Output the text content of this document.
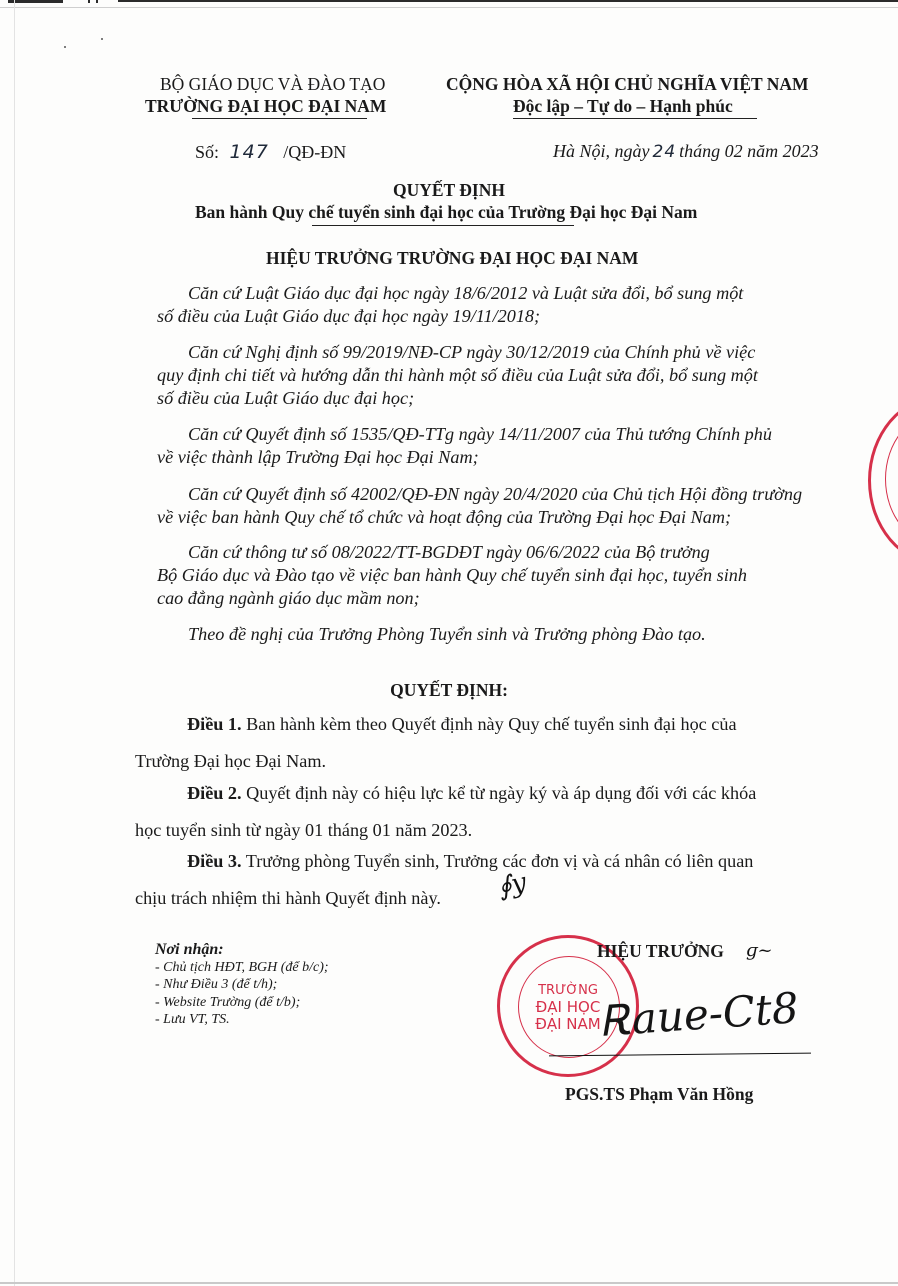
BỘ GIÁO DỤC VÀ ĐÀO TẠO
TRƯỜNG ĐẠI HỌC ĐẠI NAM
CỘNG HÒA XÃ HỘI CHỦ NGHĨA VIỆT NAM
Độc lập – Tự do – Hạnh phúc
Số: 147 /QĐ-ĐN	Hà Nội, ngày 24 tháng 02 năm 2023
QUYẾT ĐỊNH
Ban hành Quy chế tuyển sinh đại học của Trường Đại học Đại Nam
HIỆU TRƯỞNG TRƯỜNG ĐẠI HỌC ĐẠI NAM
Căn cứ Luật Giáo dục đại học ngày 18/6/2012 và Luật sửa đổi, bổ sung một
số điều của Luật Giáo dục đại học ngày 19/11/2018;
Căn cứ Nghị định số 99/2019/NĐ-CP ngày 30/12/2019 của Chính phủ về việc
quy định chi tiết và hướng dẫn thi hành một số điều của Luật sửa đổi, bổ sung một
số điều của Luật Giáo dục đại học;
Căn cứ Quyết định số 1535/QĐ-TTg ngày 14/11/2007 của Thủ tướng Chính phủ
về việc thành lập Trường Đại học Đại Nam;
Căn cứ Quyết định số 42002/QĐ-ĐN ngày 20/4/2020 của Chủ tịch Hội đồng trường
về việc ban hành Quy chế tổ chức và hoạt động của Trường Đại học Đại Nam;
Căn cứ thông tư số 08/2022/TT-BGDĐT ngày 06/6/2022 của Bộ trưởng
Bộ Giáo dục và Đào tạo về việc ban hành Quy chế tuyển sinh đại học, tuyển sinh
cao đẳng ngành giáo dục mầm non;
Theo đề nghị của Trưởng Phòng Tuyển sinh và Trưởng phòng Đào tạo.
QUYẾT ĐỊNH:
Điều 1. Ban hành kèm theo Quyết định này Quy chế tuyển sinh đại học của
Trường Đại học Đại Nam.
Điều 2. Quyết định này có hiệu lực kể từ ngày ký và áp dụng đối với các khóa
học tuyển sinh từ ngày 01 tháng 01 năm 2023.
Điều 3. Trưởng phòng Tuyển sinh, Trưởng các đơn vị và cá nhân có liên quan
chịu trách nhiệm thi hành Quyết định này.	∮y
Nơi nhận:
- Chủ tịch HĐT, BGH (để b/c);
- Như Điều 3 (để t/h);
- Website Trường (để t/b);
- Lưu VT, TS.
TRƯỜNG
ĐẠI HỌC
ĐẠI NAM
HIỆU TRƯỞNG ɡ~
Ꭱaue‑Ct8
PGS.TS Phạm Văn Hồng
